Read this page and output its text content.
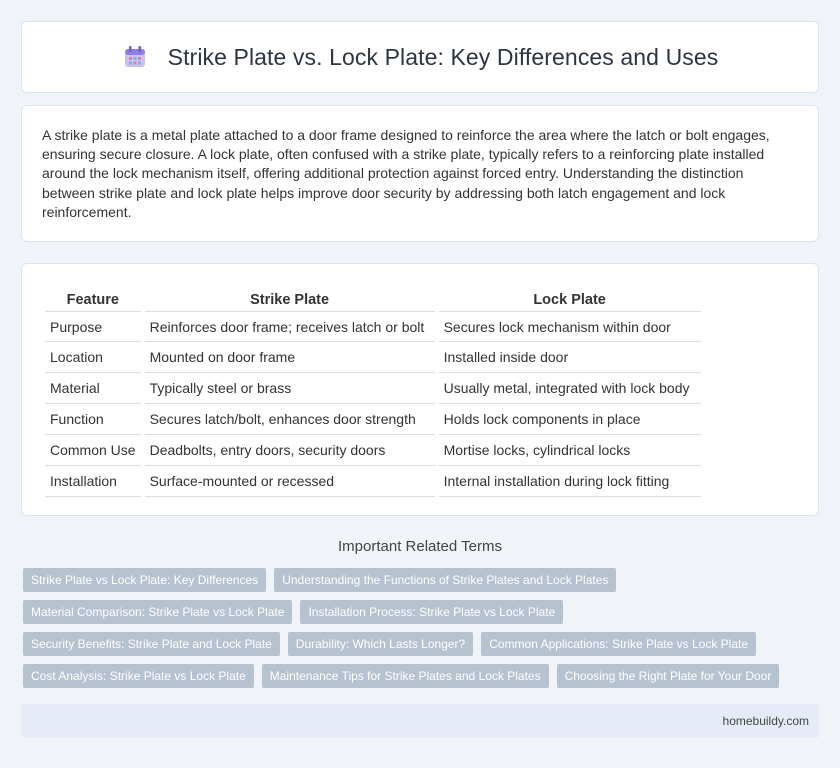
Strike Plate vs. Lock Plate: Key Differences and Uses

A strike plate is a metal plate attached to a door frame designed to reinforce the area where the latch or bolt engages, ensuring secure closure. A lock plate, often confused with a strike plate, typically refers to a reinforcing plate installed around the lock mechanism itself, offering additional protection against forced entry. Understanding the distinction between strike plate and lock plate helps improve door security by addressing both latch engagement and lock reinforcement.

Feature	Strike Plate	Lock Plate
Purpose	Reinforces door frame; receives latch or bolt	Secures lock mechanism within door
Location	Mounted on door frame	Installed inside door
Material	Typically steel or brass	Usually metal, integrated with lock body
Function	Secures latch/bolt, enhances door strength	Holds lock components in place
Common Use	Deadbolts, entry doors, security doors	Mortise locks, cylindrical locks
Installation	Surface-mounted or recessed	Internal installation during lock fitting
Important Related Terms
Strike Plate vs Lock Plate: Key Differences	Understanding the Functions of Strike Plates and Lock Plates
Material Comparison: Strike Plate vs Lock Plate	Installation Process: Strike Plate vs Lock Plate
Security Benefits: Strike Plate and Lock Plate	Durability: Which Lasts Longer?	Common Applications: Strike Plate vs Lock Plate
Cost Analysis: Strike Plate vs Lock Plate	Maintenance Tips for Strike Plates and Lock Plates	Choosing the Right Plate for Your Door
homebuildy.com
